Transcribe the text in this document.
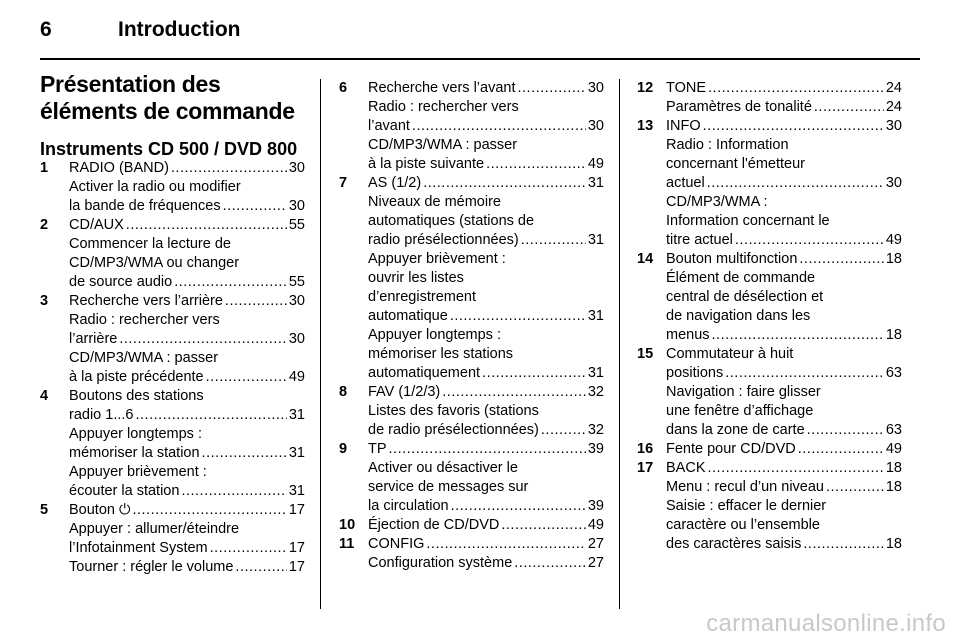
6	Introduction
Présentation des éléments de commande
Instruments CD 500 / DVD 800
1 RADIO (BAND) .....	30
Activer la radio ou modifier
la bande de fréquences .....	30
2 CD/AUX .....	55
Commencer la lecture de
CD/MP3/WMA ou changer
de source audio .....	55
3 Recherche vers l’arrière .....	30
Radio : rechercher vers
l’arrière .....	30
CD/MP3/WMA : passer
à la piste précédente .....	49
4 Boutons des stations
radio 1...6 .....	31
Appuyer longtemps :
mémoriser la station .....	31
Appuyer brièvement :
écouter la station .....	31
5 Bouton ⏻ .....	17
Appuyer : allumer/éteindre
l’Infotainment System .....	17
Tourner : régler le volume .....	17
6 Recherche vers l’avant .....	30
Radio : rechercher vers
l’avant .....	30
CD/MP3/WMA : passer
à la piste suivante .....	49
7 AS (1/2) .....	31
Niveaux de mémoire
automatiques (stations de
radio présélectionnées) .....	31
Appuyer brièvement :
ouvrir les listes
d’enregistrement
automatique .....	31
Appuyer longtemps :
mémoriser les stations
automatiquement .....	31
8 FAV (1/2/3) .....	32
Listes des favoris (stations
de radio présélectionnées) .....	32
9 TP .....	39
Activer ou désactiver le
service de messages sur
la circulation .....	39
10 Éjection de CD/DVD .....	49
11 CONFIG .....	27
Configuration système .....	27
12 TONE .....	24
Paramètres de tonalité .....	24
13 INFO .....	30
Radio : Information
concernant l'émetteur
actuel .....	30
CD/MP3/WMA :
Information concernant le
titre actuel .....	49
14 Bouton multifonction .....	18
Élément de commande
central de désélection et
de navigation dans les
menus .....	18
15 Commutateur à huit
positions .....	63
Navigation : faire glisser
une fenêtre d’affichage
dans la zone de carte .....	63
16 Fente pour CD/DVD .....	49
17 BACK .....	18
Menu : recul d’un niveau .....	18
Saisie : effacer le dernier
caractère ou l’ensemble
des caractères saisis .....	18
carmanualsonline.info
